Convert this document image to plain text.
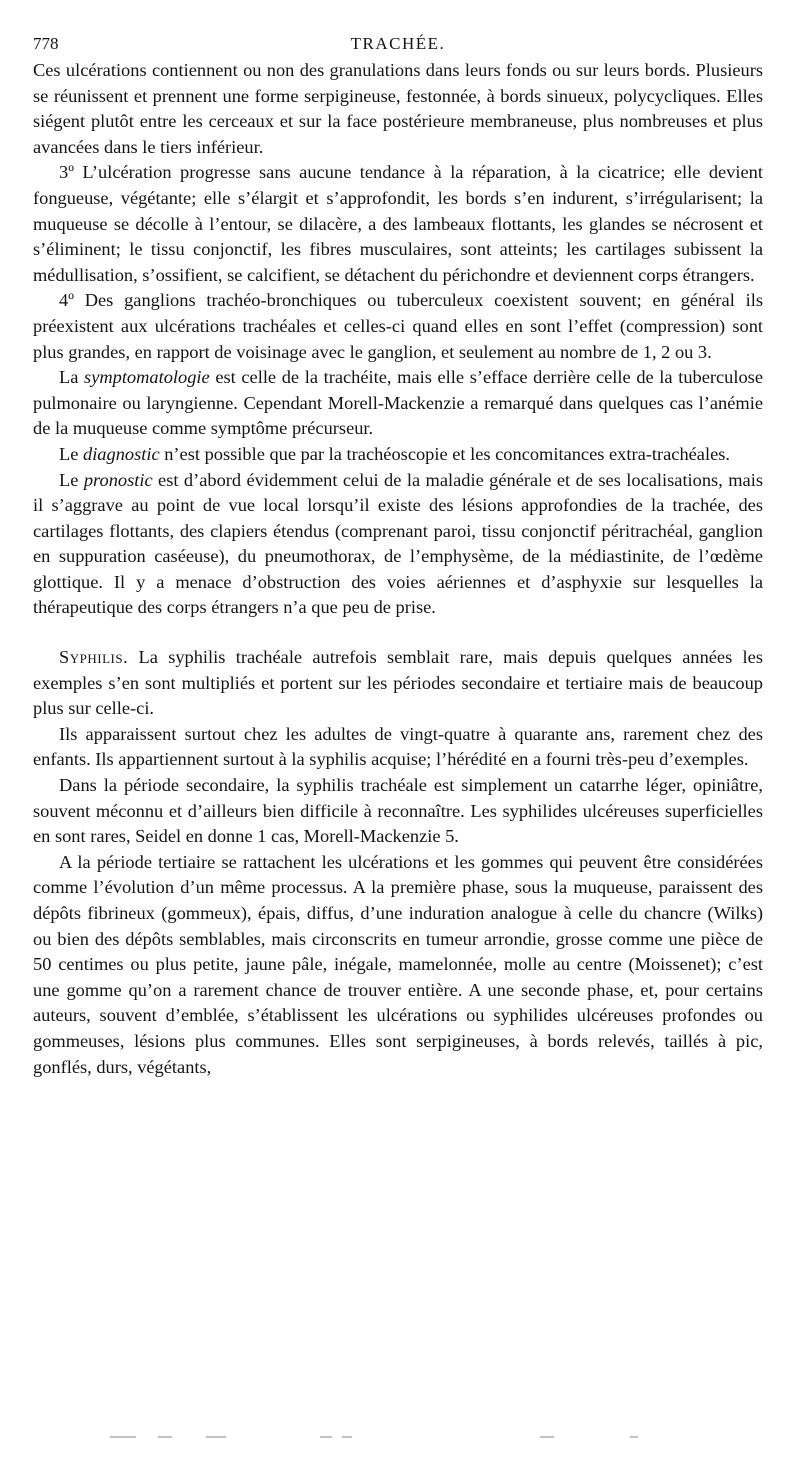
778	TRACHÉE.

Ces ulcérations contiennent ou non des granulations dans leurs fonds ou sur leurs bords. Plusieurs se réunissent et prennent une forme serpigineuse, festonnée, à bords sinueux, polycycliques. Elles siégent plutôt entre les cerceaux et sur la face postérieure membraneuse, plus nombreuses et plus avancées dans le tiers inférieur.

3º L’ulcération progresse sans aucune tendance à la réparation, à la cicatrice; elle devient fongueuse, végétante; elle s’élargit et s’approfondit, les bords s’en indurent, s’irrégularisent; la muqueuse se décolle à l’entour, se dilacère, a des lambeaux flottants, les glandes se nécrosent et s’éliminent; le tissu conjonctif, les fibres musculaires, sont atteints; les cartilages subissent la médullisation, s’ossifient, se calcifient, se détachent du périchondre et deviennent corps étrangers.

4º Des ganglions trachéo-bronchiques ou tuberculeux coexistent souvent; en général ils préexistent aux ulcérations trachéales et celles-ci quand elles en sont l’effet (compression) sont plus grandes, en rapport de voisinage avec le ganglion, et seulement au nombre de 1, 2 ou 3.

La symptomatologie est celle de la trachéite, mais elle s’efface derrière celle de la tuberculose pulmonaire ou laryngienne. Cependant Morell-Mackenzie a remarqué dans quelques cas l’anémie de la muqueuse comme symptôme précurseur.

Le diagnostic n’est possible que par la trachéoscopie et les concomitances extra-trachéales.

Le pronostic est d’abord évidemment celui de la maladie générale et de ses localisations, mais il s’aggrave au point de vue local lorsqu’il existe des lésions approfondies de la trachée, des cartilages flottants, des clapiers étendus (comprenant paroi, tissu conjonctif péritrachéal, ganglion en suppuration caséeuse), du pneumothorax, de l’emphysème, de la médiastinite, de l’œdème glottique. Il y a menace d’obstruction des voies aériennes et d’asphyxie sur lesquelles la thérapeutique des corps étrangers n’a que peu de prise.

Syphilis. La syphilis trachéale autrefois semblait rare, mais depuis quelques années les exemples s’en sont multipliés et portent sur les périodes secondaire et tertiaire mais de beaucoup plus sur celle-ci.

Ils apparaissent surtout chez les adultes de vingt-quatre à quarante ans, rarement chez des enfants. Ils appartiennent surtout à la syphilis acquise; l’hérédité en a fourni très-peu d’exemples.

Dans la période secondaire, la syphilis trachéale est simplement un catarrhe léger, opiniâtre, souvent méconnu et d’ailleurs bien difficile à reconnaître. Les syphilides ulcéreuses superficielles en sont rares, Seidel en donne 1 cas, Morell-Mackenzie 5.

A la période tertiaire se rattachent les ulcérations et les gommes qui peuvent être considérées comme l’évolution d’un même processus. A la première phase, sous la muqueuse, paraissent des dépôts fibrineux (gommeux), épais, diffus, d’une induration analogue à celle du chancre (Wilks) ou bien des dépôts semblables, mais circonscrits en tumeur arrondie, grosse comme une pièce de 50 centimes ou plus petite, jaune pâle, inégale, mamelonnée, molle au centre (Moissenet); c’est une gomme qu’on a rarement chance de trouver entière. A une seconde phase, et, pour certains auteurs, souvent d’emblée, s’établissent les ulcérations ou syphilides ulcéreuses profondes ou gommeuses, lésions plus communes. Elles sont serpigineuses, à bords relevés, taillés à pic, gonflés, durs, végétants,
